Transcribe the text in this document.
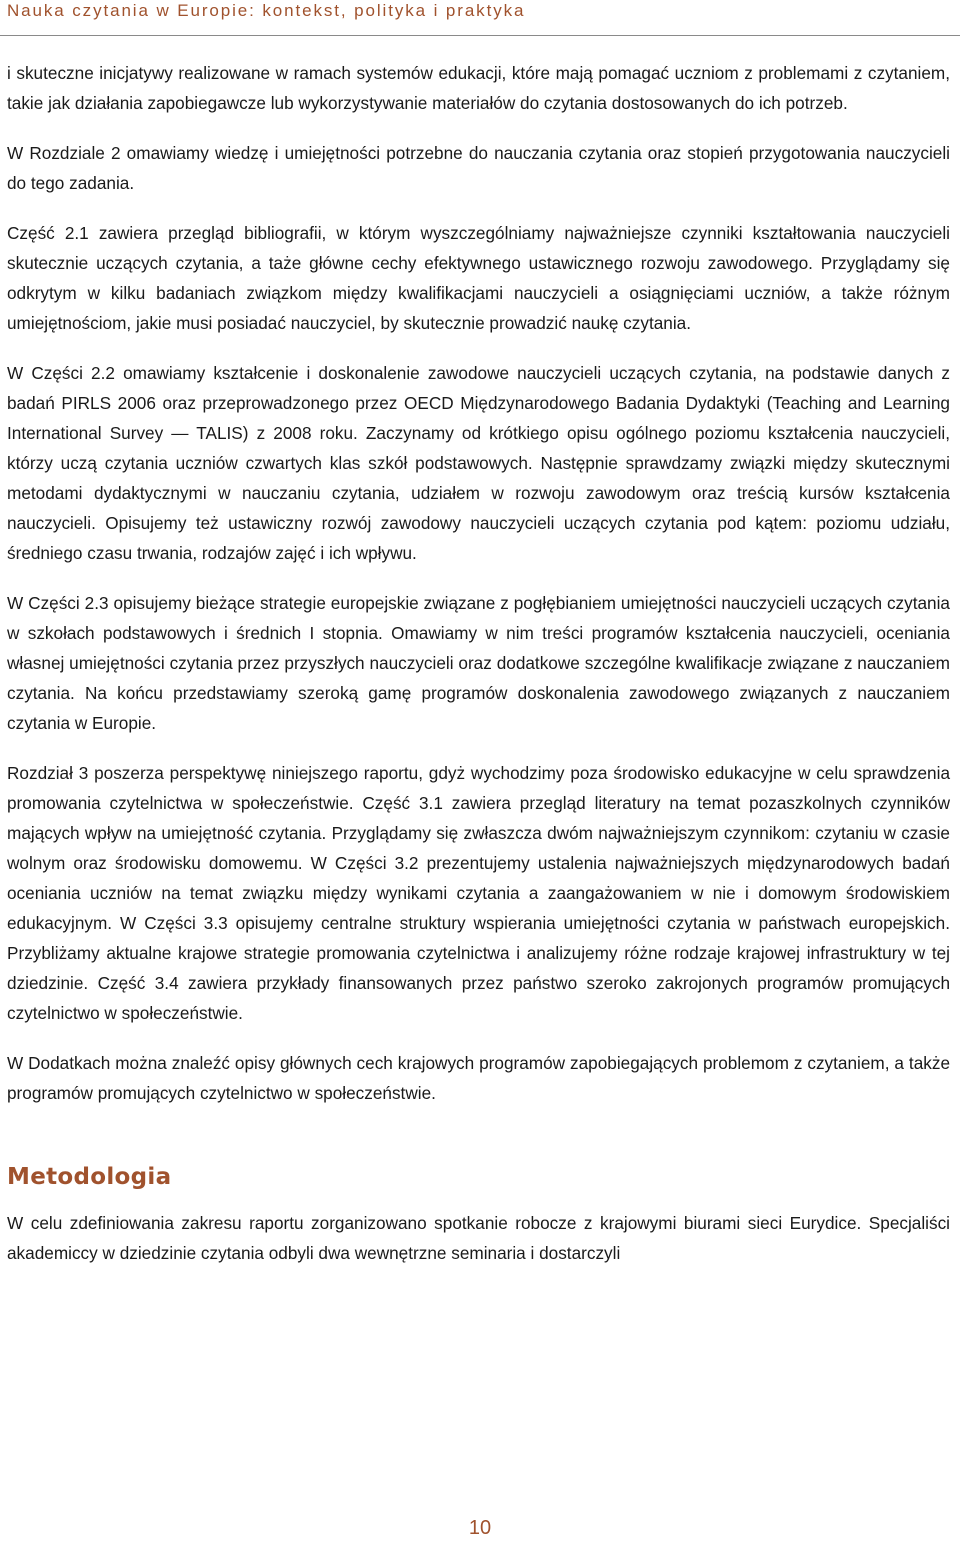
Nauka czytania w Europie: kontekst, polityka i praktyka

i skuteczne inicjatywy realizowane w ramach systemów edukacji, które mają pomagać uczniom z problemami z czytaniem, takie jak działania zapobiegawcze lub wykorzystywanie materiałów do czytania dostosowanych do ich potrzeb.

W Rozdziale 2 omawiamy wiedzę i umiejętności potrzebne do nauczania czytania oraz stopień przygotowania nauczycieli do tego zadania.

Część 2.1 zawiera przegląd bibliografii, w którym wyszczególniamy najważniejsze czynniki kształtowania nauczycieli skutecznie uczących czytania, a taże główne cechy efektywnego ustawicznego rozwoju zawodowego. Przyglądamy się odkrytym w kilku badaniach związkom między kwalifikacjami nauczycieli a osiągnięciami uczniów, a także różnym umiejętnościom, jakie musi posiadać nauczyciel, by skutecznie prowadzić naukę czytania.

W Części 2.2 omawiamy kształcenie i doskonalenie zawodowe nauczycieli uczących czytania, na podstawie danych z badań PIRLS 2006 oraz przeprowadzonego przez OECD Międzynarodowego Badania Dydaktyki (Teaching and Learning International Survey — TALIS) z 2008 roku. Zaczynamy od krótkiego opisu ogólnego poziomu kształcenia nauczycieli, którzy uczą czytania uczniów czwartych klas szkół podstawowych. Następnie sprawdzamy związki między skutecznymi metodami dydaktycznymi w nauczaniu czytania, udziałem w rozwoju zawodowym oraz treścią kursów kształcenia nauczycieli. Opisujemy też ustawiczny rozwój zawodowy nauczycieli uczących czytania pod kątem: poziomu udziału, średniego czasu trwania, rodzajów zajęć i ich wpływu.

W Części 2.3 opisujemy bieżące strategie europejskie związane z pogłębianiem umiejętności nauczycieli uczących czytania w szkołach podstawowych i średnich I stopnia. Omawiamy w nim treści programów kształcenia nauczycieli, oceniania własnej umiejętności czytania przez przyszłych nauczycieli oraz dodatkowe szczególne kwalifikacje związane z nauczaniem czytania. Na końcu przedstawiamy szeroką gamę programów doskonalenia zawodowego związanych z nauczaniem czytania w Europie.

Rozdział 3 poszerza perspektywę niniejszego raportu, gdyż wychodzimy poza środowisko edukacyjne w celu sprawdzenia promowania czytelnictwa w społeczeństwie. Część 3.1 zawiera przegląd literatury na temat pozaszkolnych czynników mających wpływ na umiejętność czytania. Przyglądamy się zwłaszcza dwóm najważniejszym czynnikom: czytaniu w czasie wolnym oraz środowisku domowemu. W Części 3.2 prezentujemy ustalenia najważniejszych międzynarodowych badań oceniania uczniów na temat związku między wynikami czytania a zaangażowaniem w nie i domowym środowiskiem edukacyjnym. W Części 3.3 opisujemy centralne struktury wspierania umiejętności czytania w państwach europejskich. Przybliżamy aktualne krajowe strategie promowania czytelnictwa i analizujemy różne rodzaje krajowej infrastruktury w tej dziedzinie. Część 3.4 zawiera przykłady finansowanych przez państwo szeroko zakrojonych programów promujących czytelnictwo w społeczeństwie.

W Dodatkach można znaleźć opisy głównych cech krajowych programów zapobiegających problemom z czytaniem, a także programów promujących czytelnictwo w społeczeństwie.

Metodologia

W celu zdefiniowania zakresu raportu zorganizowano spotkanie robocze z krajowymi biurami sieci Eurydice. Specjaliści akademiccy w dziedzinie czytania odbyli dwa wewnętrzne seminaria i dostarczyli

10
